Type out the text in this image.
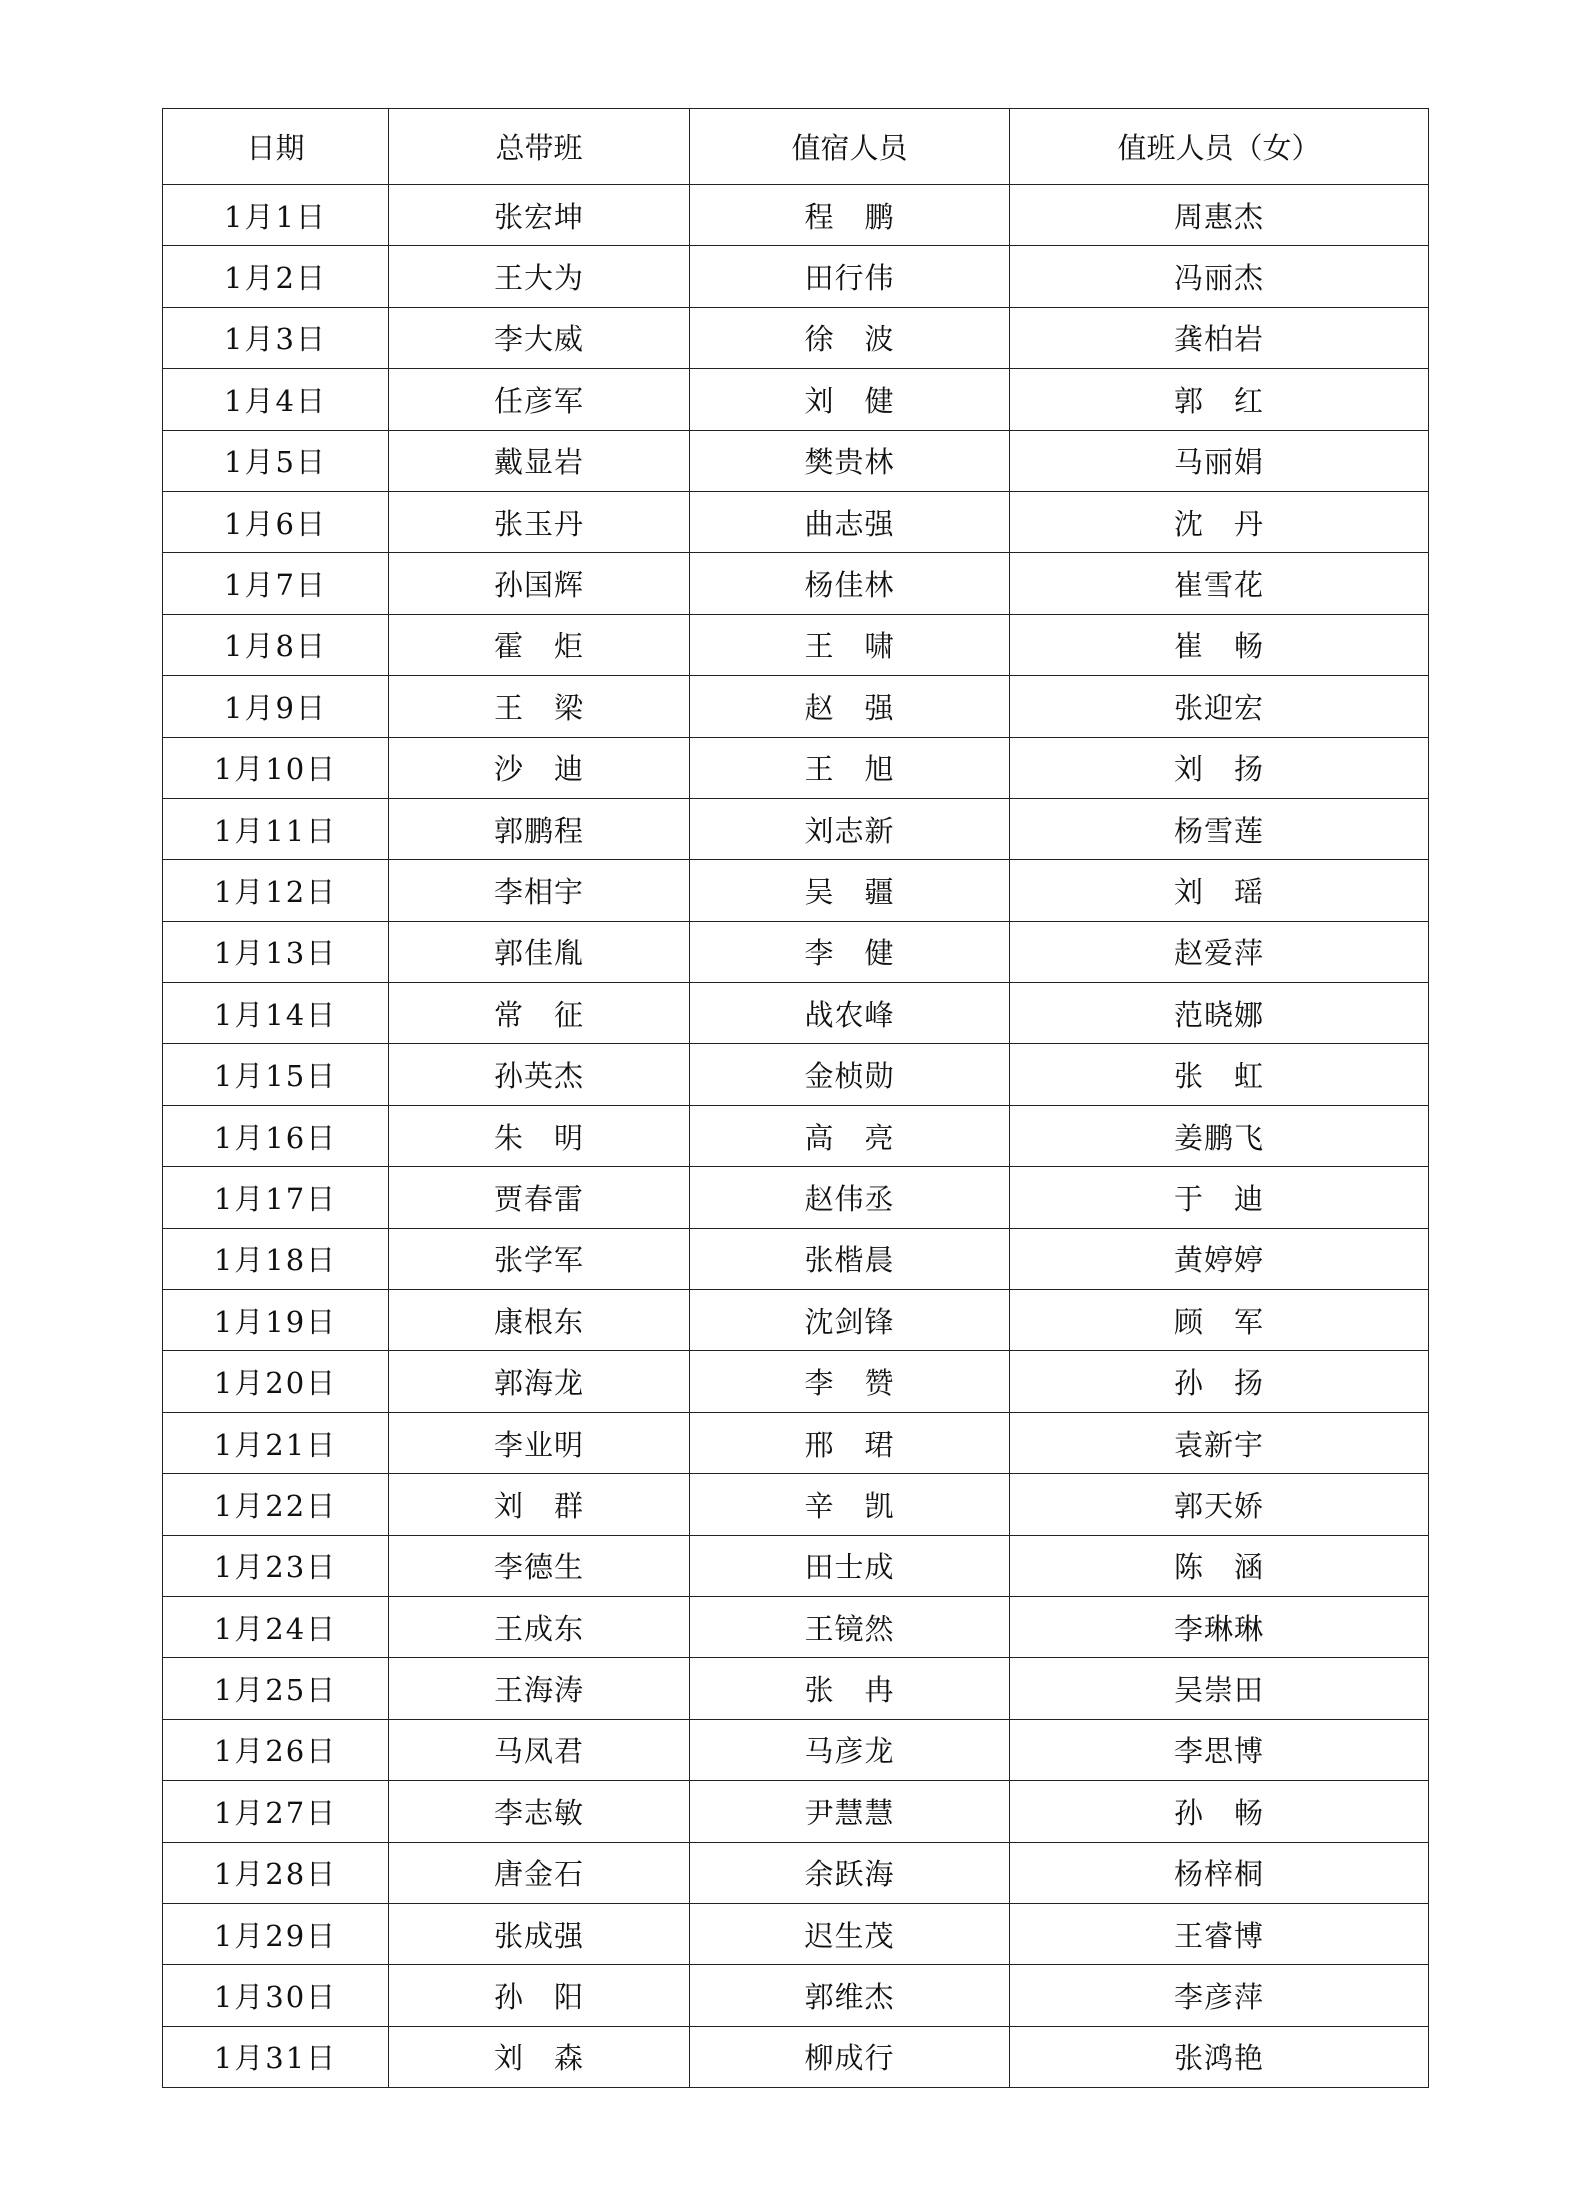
日期	总带班	值宿人员	值班人员（女）
1月1日	张宏坤	程　鹏	周惠杰
1月2日	王大为	田行伟	冯丽杰
1月3日	李大威	徐　波	龚柏岩
1月4日	任彦军	刘　健	郭　红
1月5日	戴显岩	樊贵林	马丽娟
1月6日	张玉丹	曲志强	沈　丹
1月7日	孙国辉	杨佳林	崔雪花
1月8日	霍　炬	王　啸	崔　畅
1月9日	王　梁	赵　强	张迎宏
1月10日	沙　迪	王　旭	刘　扬
1月11日	郭鹏程	刘志新	杨雪莲
1月12日	李相宇	吴　疆	刘　瑶
1月13日	郭佳胤	李　健	赵爱萍
1月14日	常　征	战农峰	范晓娜
1月15日	孙英杰	金桢勋	张　虹
1月16日	朱　明	高　亮	姜鹏飞
1月17日	贾春雷	赵伟丞	于　迪
1月18日	张学军	张楷晨	黄婷婷
1月19日	康根东	沈剑锋	顾　军
1月20日	郭海龙	李　赞	孙　扬
1月21日	李业明	邢　珺	袁新宇
1月22日	刘　群	辛　凯	郭天娇
1月23日	李德生	田士成	陈　涵
1月24日	王成东	王镜然	李琳琳
1月25日	王海涛	张　冉	吴崇田
1月26日	马凤君	马彦龙	李思博
1月27日	李志敏	尹慧慧	孙　畅
1月28日	唐金石	余跃海	杨梓桐
1月29日	张成强	迟生茂	王睿博
1月30日	孙　阳	郭维杰	李彦萍
1月31日	刘　森	柳成行	张鸿艳
